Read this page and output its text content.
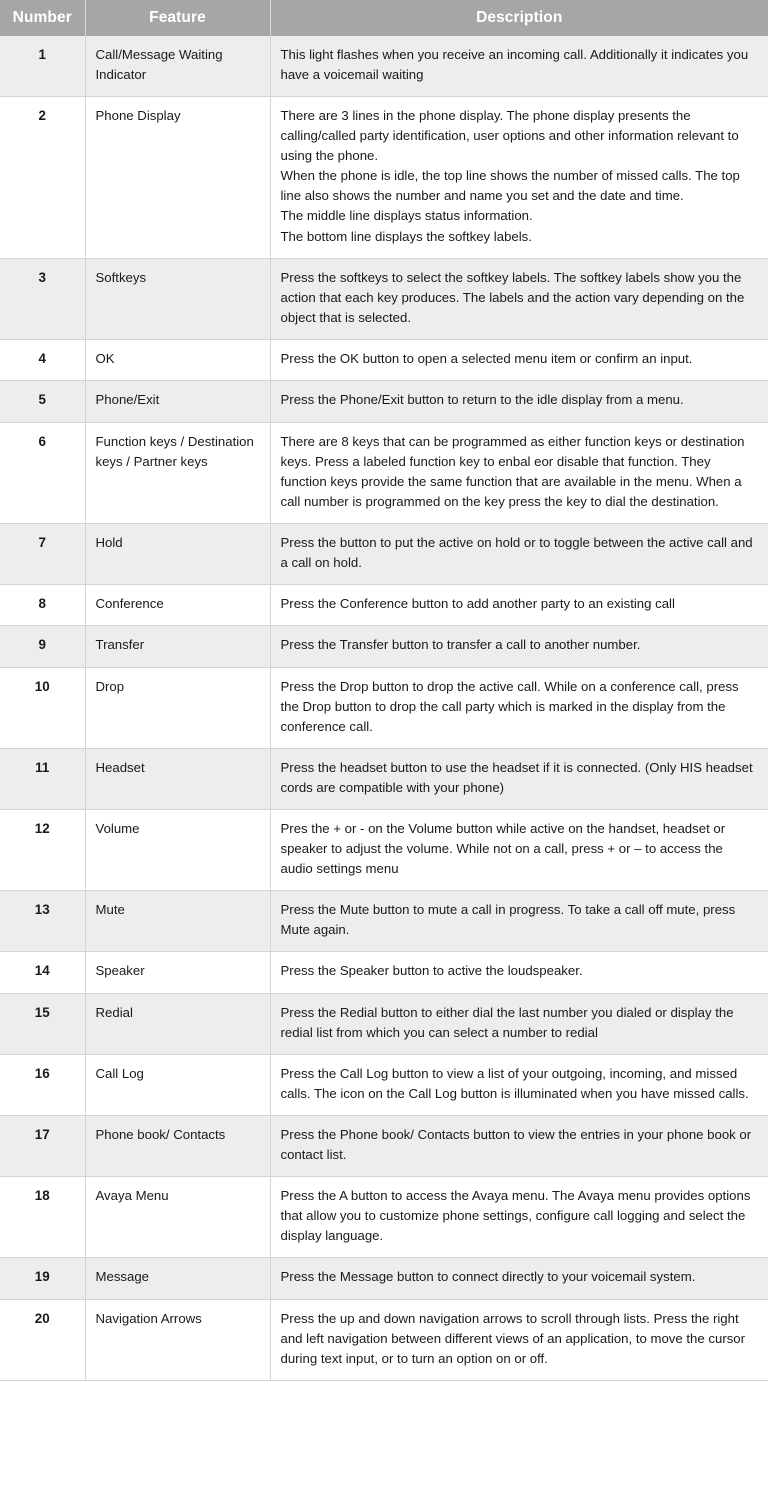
Number	Feature	Description
1	Call/Message Waiting Indicator	This light flashes when you receive an incoming call. Additionally it indicates you have a voicemail waiting

2	Phone Display	There are 3 lines in the phone display. The phone display presents the calling/called party identification, user options and other information relevant to using the phone.
When the phone is idle, the top line shows the number of missed calls. The top line also shows the number and name you set and the date and time.
The middle line displays status information.
The bottom line displays the softkey labels.

3	Softkeys	Press the softkeys to select the softkey labels. The softkey labels show you the action that each key produces. The labels and the action vary depending on the object that is selected.

4	OK	Press the OK button to open a selected menu item or confirm an input.

5	Phone/Exit	Press the Phone/Exit button to return to the idle display from a menu.

6	Function keys / Destination keys / Partner keys	There are 8 keys that can be programmed as either function keys or destination keys. Press a labeled function key to enbal eor disable that function. They function keys provide the same function that are available in the menu. When a call number is programmed on the key press the key to dial the destination.

7	Hold	Press the button to put the active on hold or to toggle between the active call and a call on hold.

8	Conference	Press the Conference button to add another party to an existing call

9	Transfer	Press the Transfer button to transfer a call to another number.

10	Drop	Press the Drop button to drop the active call. While on a conference call, press the Drop button to drop the call party which is marked in the display from the conference call.

11	Headset	Press the headset button to use the headset if it is connected. (Only HIS headset cords are compatible with your phone)

12	Volume	Pres the + or - on the Volume button while active on the handset, headset or speaker to adjust the volume. While not on a call, press + or – to access the audio settings menu

13	Mute	Press the Mute button to mute a call in progress. To take a call off mute, press Mute again.

14	Speaker	Press the Speaker button to active the loudspeaker.

15	Redial	Press the Redial button to either dial the last number you dialed or display the redial list from which you can select a number to redial

16	Call Log	Press the Call Log button to view a list of your outgoing, incoming, and missed calls. The icon on the Call Log button is illuminated when you have missed calls.

17	Phone book/ Contacts	Press the Phone book/ Contacts button to view the entries in your phone book or contact list.

18	Avaya Menu	Press the A button to access the Avaya menu. The Avaya menu provides options that allow you to customize phone settings, configure call logging and select the display language.

19	Message	Press the Message button to connect directly to your voicemail system.

20	Navigation Arrows	Press the up and down navigation arrows to scroll through lists. Press the right and left navigation between different views of an application, to move the cursor during text input, or to turn an option on or off.
